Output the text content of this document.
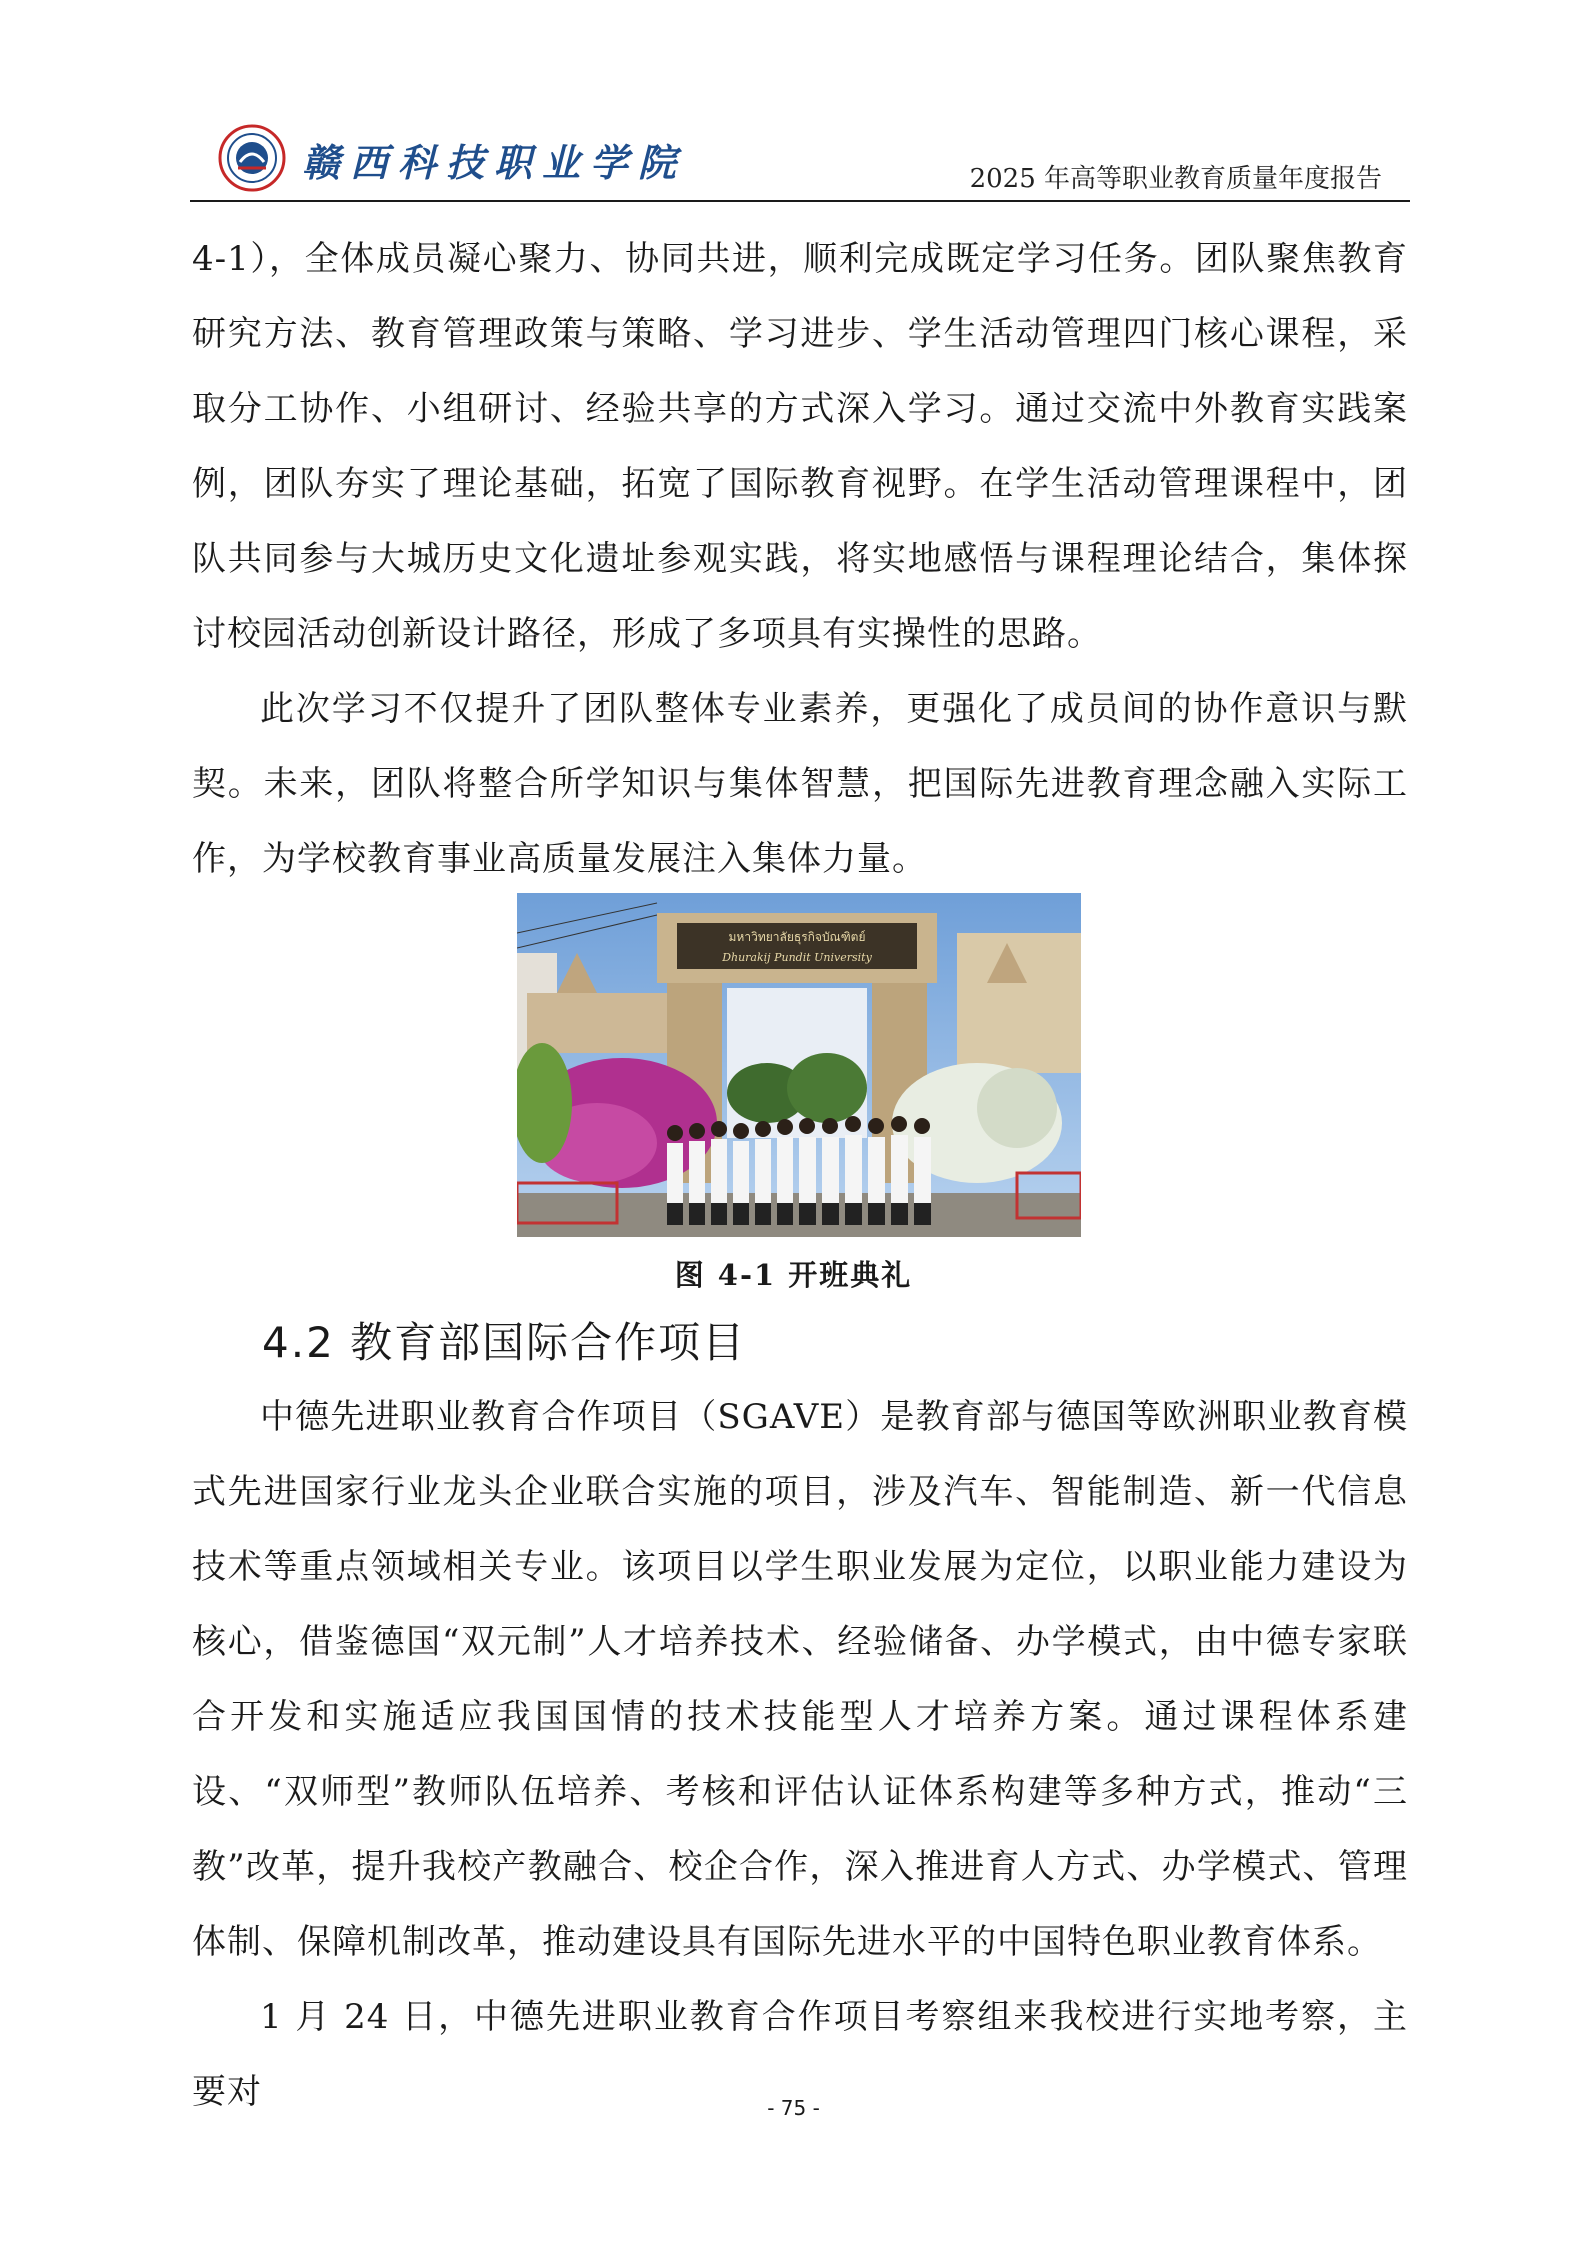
赣西科技职业学院	2025 年高等职业教育质量年度报告

4-1），全体成员凝心聚力、协同共进，顺利完成既定学习任务。团队聚焦教育研究方法、教育管理政策与策略、学习进步、学生活动管理四门核心课程，采取分工协作、小组研讨、经验共享的方式深入学习。通过交流中外教育实践案例，团队夯实了理论基础，拓宽了国际教育视野。在学生活动管理课程中，团队共同参与大城历史文化遗址参观实践，将实地感悟与课程理论结合，集体探讨校园活动创新设计路径，形成了多项具有实操性的思路。

此次学习不仅提升了团队整体专业素养，更强化了成员间的协作意识与默契。未来，团队将整合所学知识与集体智慧，把国际先进教育理念融入实际工作，为学校教育事业高质量发展注入集体力量。

มหาวิทยาลัยธุรกิจบัณฑิตย์
Dhurakij Pundit University
图 4-1 开班典礼
4.2 教育部国际合作项目

中德先进职业教育合作项目（SGAVE）是教育部与德国等欧洲职业教育模式先进国家行业龙头企业联合实施的项目，涉及汽车、智能制造、新一代信息技术等重点领域相关专业。该项目以学生职业发展为定位，以职业能力建设为核心，借鉴德国“双元制”人才培养技术、经验储备、办学模式，由中德专家联合开发和实施适应我国国情的技术技能型人才培养方案。通过课程体系建设、“双师型”教师队伍培养、考核和评估认证体系构建等多种方式，推动“三教”改革，提升我校产教融合、校企合作，深入推进育人方式、办学模式、管理体制、保障机制改革，推动建设具有国际先进水平的中国特色职业教育体系。

1 月 24 日，中德先进职业教育合作项目考察组来我校进行实地考察，主要对	- 75 -
